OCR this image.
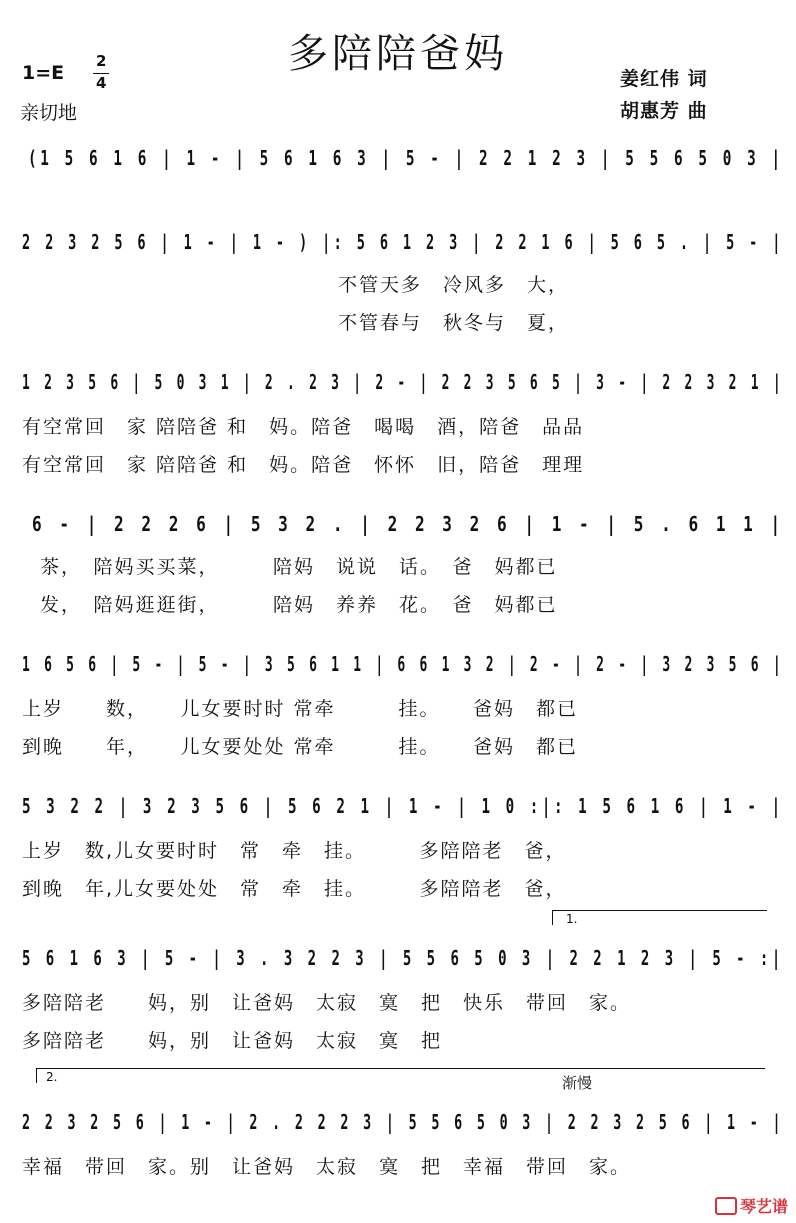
多陪陪爸妈
1=E
2
4
亲切地
姜红伟 词
胡惠芳 曲
(1 5 6 1 6 | 1 - | 5 6 1 6 3 | 5 - | 2 2 1 2 3 | 5 5 6 5 0 3 |
2 2 3 2 5 6 | 1 - | 1 - ) |: 5 6 1 2 3 | 2 2 1 6 | 5 6 5 . | 5 - |
不管天多　冷风多　大，
不管春与　秋冬与　夏，
1 2 3 5 6 | 5 0 3 1 | 2 . 2 3 | 2 - | 2 2 3 5 6 5 | 3 - | 2 2 3 2 1 |
有空常回　家 陪陪爸 和　妈。陪爸　喝喝　酒，陪爸　品品
有空常回　家 陪陪爸 和　妈。陪爸　怀怀　旧，陪爸　理理
6 - | 2 2 2 6 | 5 3 2 . | 2 2 3 2 6 | 1 - | 5 . 6 1 1 |
茶，　陪妈买买菜，　　　陪妈　说说　话。　爸　妈都已
发，　陪妈逛逛街，　　　陪妈　养养　花。　爸　妈都已
1 6 5 6 | 5 - | 5 - | 3 5 6 1 1 | 6 6 1 3 2 | 2 - | 2 - | 3 2 3 5 6 |
上岁　　数，　　儿女要时时 常牵　　　挂。　　爸妈　都已
到晚　　年，　　儿女要处处 常牵　　　挂。　　爸妈　都已
5 3 2 2 | 3 2 3 5 6 | 5 6 2 1 | 1 - | 1 0 :|: 1 5 6 1 6 | 1 - |
上岁　数,儿女要时时　常　牵　挂。　　　多陪陪老　爸，
到晚　年,儿女要处处　常　牵　挂。　　　多陪陪老　爸，
1.
5 6 1 6 3 | 5 - | 3 . 3 2 2 3 | 5 5 6 5 0 3 | 2 2 1 2 3 | 5 - :|
多陪陪老　　妈，别　让爸妈　太寂　寞　把　快乐　带回　家。
多陪陪老　　妈，别　让爸妈　太寂　寞　把
2.	渐慢
2 2 3 2 5 6 | 1 - | 2 . 2 2 2 3 | 5 5 6 5 0 3 | 2 2 3 2 5 6 | 1 - |
幸福　带回　家。别　让爸妈　太寂　寞　把　幸福　带回　家。
琴艺谱
